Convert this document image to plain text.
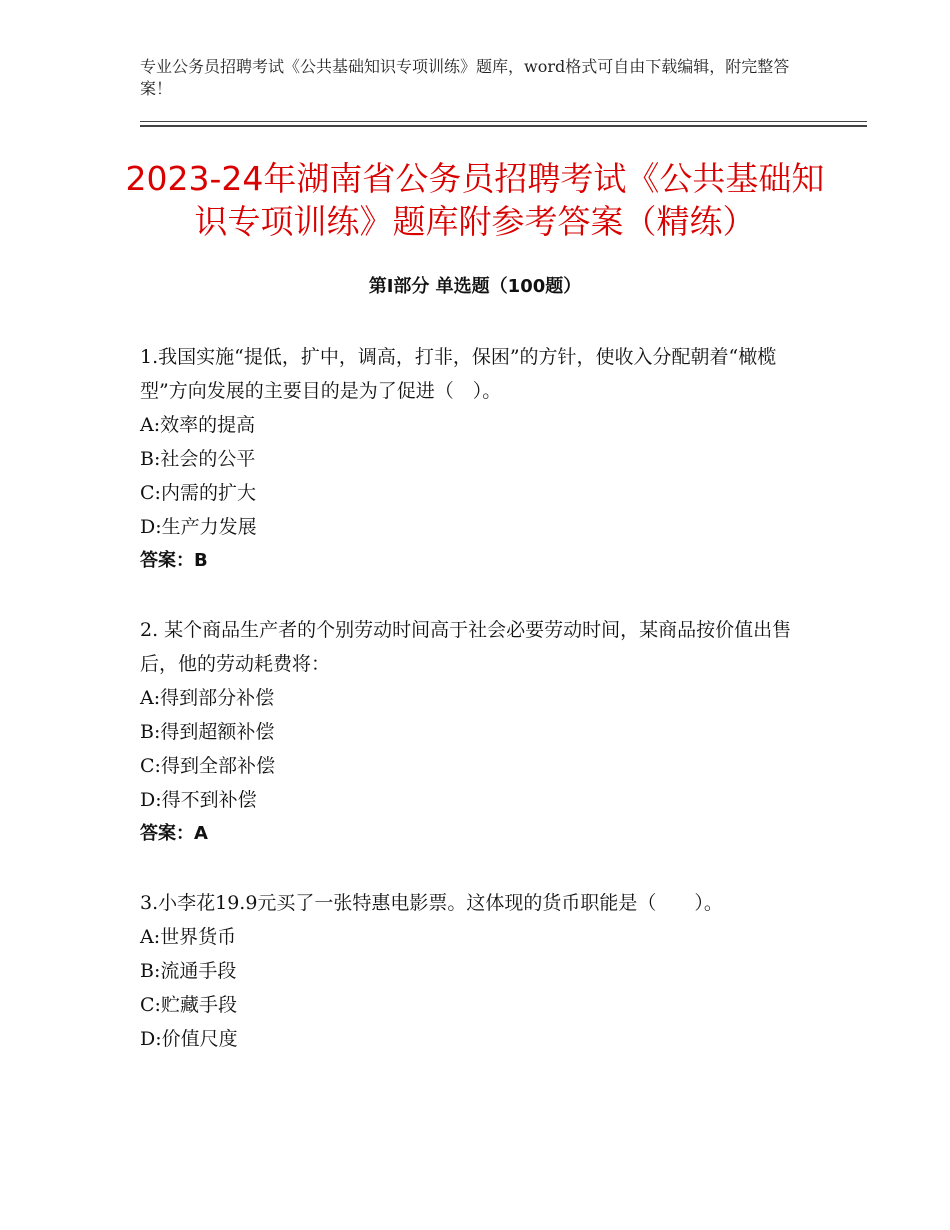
专业公务员招聘考试《公共基础知识专项训练》题库，word格式可自由下载编辑，附完整答案！
2023-24年湖南省公务员招聘考试《公共基础知识专项训练》题库附参考答案（精练）
第Ⅰ部分 单选题（100题）
1.我国实施“提低，扩中，调高，打非，保困”的方针，使收入分配朝着“橄榄型”方向发展的主要目的是为了促进（　）。
A:效率的提高
B:社会的公平
C:内需的扩大
D:生产力发展
答案：B
2. 某个商品生产者的个别劳动时间高于社会必要劳动时间，某商品按价值出售后，他的劳动耗费将：
A:得到部分补偿
B:得到超额补偿
C:得到全部补偿
D:得不到补偿
答案：A
3.小李花19.9元买了一张特惠电影票。这体现的货币职能是（　　）。
A:世界货币
B:流通手段
C:贮藏手段
D:价值尺度
